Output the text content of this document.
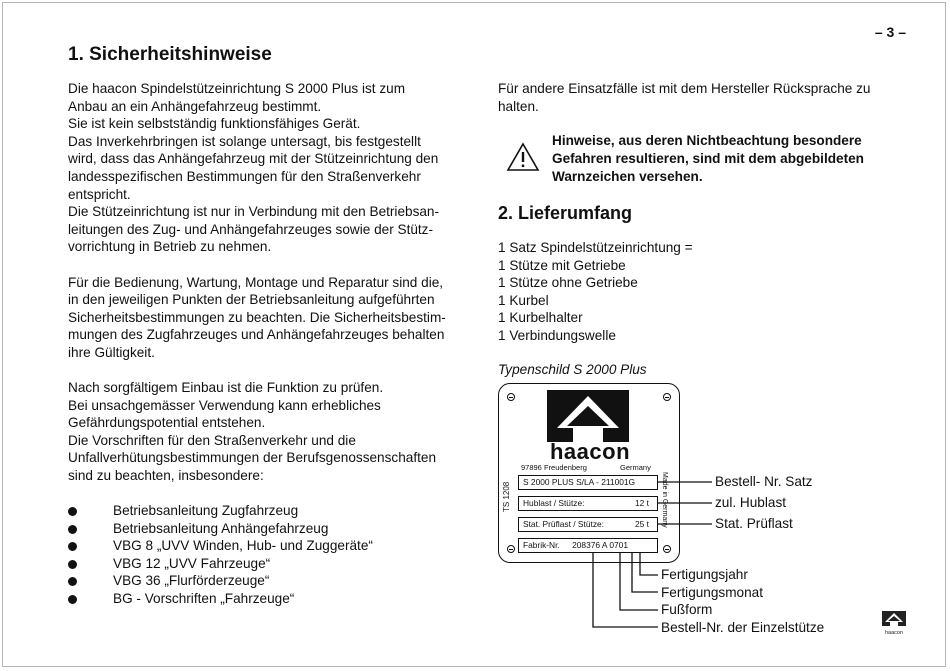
– 3 –
1. Sicherheitshinweise

Die haacon Spindelstützeinrichtung S 2000 Plus ist zum
Anbau an ein Anhängefahrzeug bestimmt.
Sie ist kein selbstständig funktionsfähiges Gerät.
Das Inverkehrbringen ist solange untersagt, bis festgestellt
wird, dass das Anhängefahrzeug mit der Stützeinrichtung den
landesspezifischen Bestimmungen für den Straßenverkehr
entspricht.
Die Stützeinrichtung ist nur in Verbindung mit den Betriebsan-
leitungen des Zug- und Anhängefahrzeuges sowie der Stütz-
vorrichtung in Betrieb zu nehmen.

Für die Bedienung, Wartung, Montage und Reparatur sind die,
in den jeweiligen Punkten der Betriebsanleitung aufgeführten
Sicherheitsbestimmungen zu beachten. Die Sicherheitsbestim-
mungen des Zugfahrzeuges und Anhängefahrzeuges behalten
ihre Gültigkeit.

Nach sorgfältigem Einbau ist die Funktion zu prüfen.
Bei unsachgemässer Verwendung kann erhebliches
Gefährdungspotential entstehen.
Die Vorschriften für den Straßenverkehr und die
Unfallverhütungsbestimmungen der Berufsgenossenschaften
sind zu beachten, insbesondere:

Betriebsanleitung Zugfahrzeug
Betriebsanleitung Anhängefahrzeug
VBG 8 „UVV Winden, Hub- und Zuggeräte“
VBG 12 „UVV Fahrzeuge“
VBG 36 „Flurförderzeuge“
BG - Vorschriften „Fahrzeuge“
Für andere Einsatzfälle ist mit dem Hersteller Rücksprache zu
halten.
Hinweise, aus deren Nichtbeachtung besondere
Gefahren resultieren, sind mit dem abgebildeten
Warnzeichen versehen.
2. Lieferumfang
1 Satz Spindelstützeinrichtung =
1 Stütze mit Getriebe
1 Stütze ohne Getriebe
1 Kurbel
1 Kurbelhalter
1 Verbindungswelle
Typenschild S 2000 Plus
haacon
97896 Freudenberg	Germany
S 2000 PLUS S/LA - 211001G
Hublast / Stütze:	12 t
Stat. Prüflast / Stütze:	25 t
Fabrik-Nr. 208376 A 0701
TS 1208	Made in Germany	Bestell- Nr. Satz
zul. Hublast
Stat. Prüflast
Fertigungsjahr
Fertigungsmonat
Fußform
Bestell-Nr. der Einzelstütze	haacon
